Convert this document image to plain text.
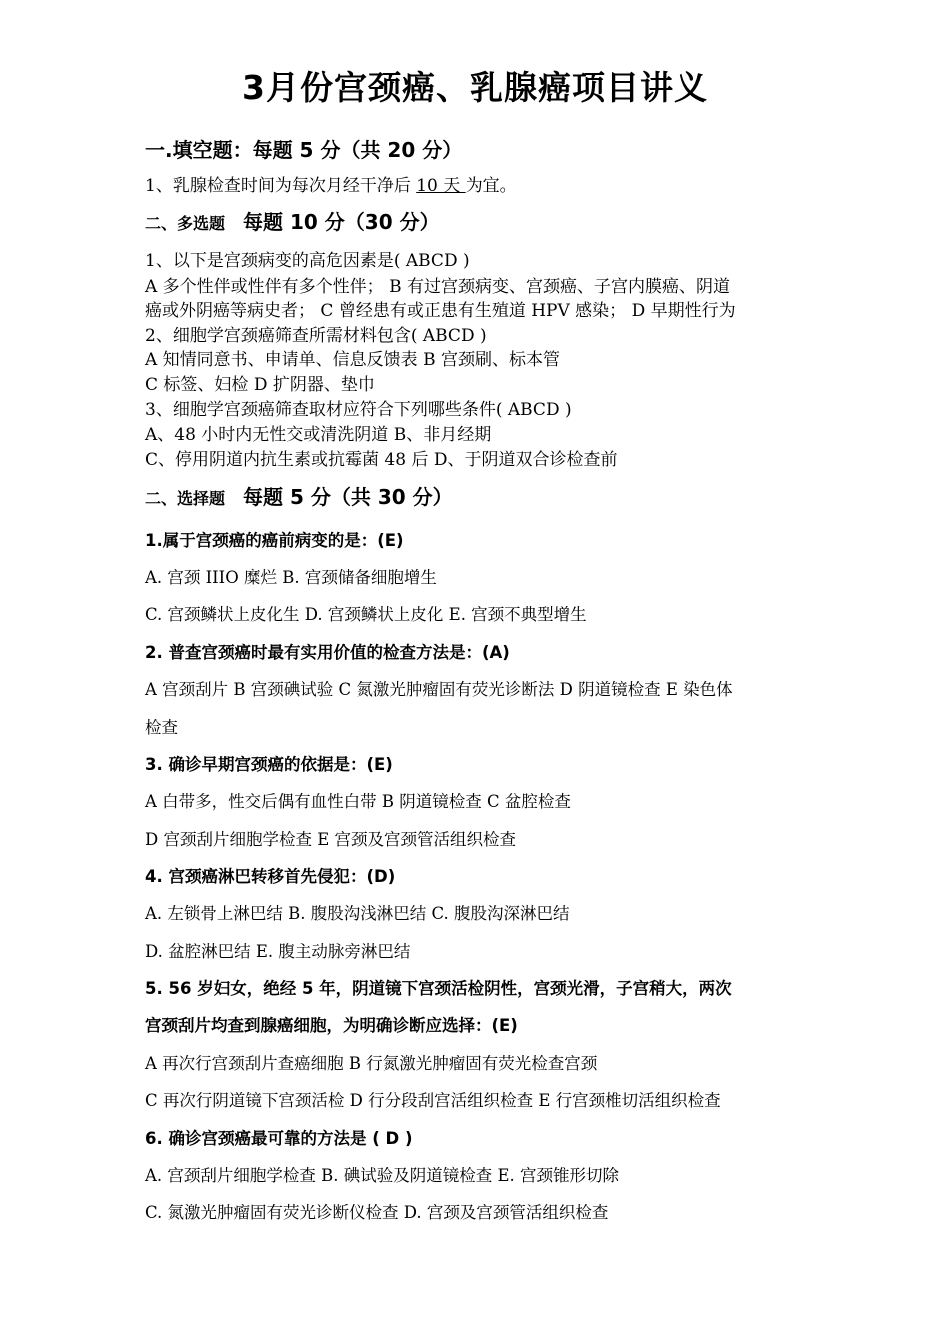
3月份宫颈癌、乳腺癌项目讲义
一.填空题：每题 5 分（共 20 分）
1、乳腺检查时间为每次月经干净后 10 天 为宜。
二、多选题 每题 10 分（30 分）
1、以下是宫颈病变的高危因素是( ABCD )
A 多个性伴或性伴有多个性伴； B 有过宫颈病变、宫颈癌、子宫内膜癌、阴道
癌或外阴癌等病史者； C 曾经患有或正患有生殖道 HPV 感染； D 早期性行为
2、细胞学宫颈癌筛查所需材料包含( ABCD )
A 知情同意书、申请单、信息反馈表 B 宫颈刷、标本管
C 标签、妇检 D 扩阴器、垫巾
3、细胞学宫颈癌筛查取材应符合下列哪些条件( ABCD )
A、48 小时内无性交或清洗阴道 B、非月经期
C、停用阴道内抗生素或抗霉菌 48 后 D、于阴道双合诊检查前
二、选择题 每题 5 分（共 30 分）
1.属于宫颈癌的癌前病变的是：(E)
A. 宫颈 IIIO 糜烂 B. 宫颈储备细胞增生
C. 宫颈鳞状上皮化生 D. 宫颈鳞状上皮化 E. 宫颈不典型增生
2. 普查宫颈癌时最有实用价值的检查方法是：(A)
A 宫颈刮片 B 宫颈碘试验 C 氮激光肿瘤固有荧光诊断法 D 阴道镜检查 E 染色体
检查
3. 确诊早期宫颈癌的依据是：(E)
A 白带多，性交后偶有血性白带 B 阴道镜检查 C 盆腔检查
D 宫颈刮片细胞学检查 E 宫颈及宫颈管活组织检查
4. 宫颈癌淋巴转移首先侵犯：(D)
A. 左锁骨上淋巴结 B. 腹股沟浅淋巴结 C. 腹股沟深淋巴结
D. 盆腔淋巴结 E. 腹主动脉旁淋巴结
5. 56 岁妇女，绝经 5 年，阴道镜下宫颈活检阴性，宫颈光滑，子宫稍大，两次
宫颈刮片均查到腺癌细胞，为明确诊断应选择：(E)
A 再次行宫颈刮片查癌细胞 B 行氮激光肿瘤固有荧光检查宫颈
C 再次行阴道镜下宫颈活检 D 行分段刮宫活组织检查 E 行宫颈椎切活组织检查
6. 确诊宫颈癌最可靠的方法是 ( D )
A. 宫颈刮片细胞学检查 B. 碘试验及阴道镜检查 E. 宫颈锥形切除
C. 氮激光肿瘤固有荧光诊断仪检查 D. 宫颈及宫颈管活组织检查
